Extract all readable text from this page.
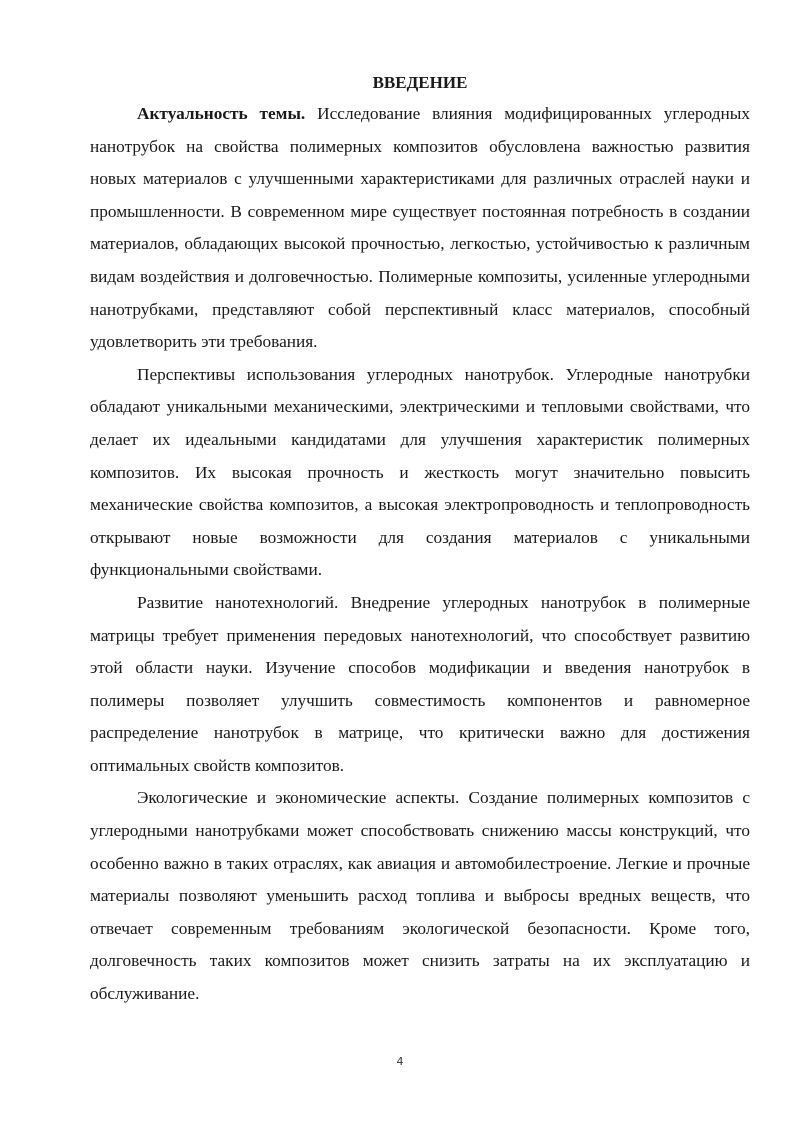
ВВЕДЕНИЕ

Актуальность темы. Исследование влияния модифицированных углеродных нанотрубок на свойства полимерных композитов обусловлена важностью развития новых материалов с улучшенными характеристиками для различных отраслей науки и промышленности. В современном мире существует постоянная потребность в создании материалов, обладающих высокой прочностью, легкостью, устойчивостью к различным видам воздействия и долговечностью. Полимерные композиты, усиленные углеродными нанотрубками, представляют собой перспективный класс материалов, способный удовлетворить эти требования.

Перспективы использования углеродных нанотрубок. Углеродные нанотрубки обладают уникальными механическими, электрическими и тепловыми свойствами, что делает их идеальными кандидатами для улучшения характеристик полимерных композитов. Их высокая прочность и жесткость могут значительно повысить механические свойства композитов, а высокая электропроводность и теплопроводность открывают новые возможности для создания материалов с уникальными функциональными свойствами.

Развитие нанотехнологий. Внедрение углеродных нанотрубок в полимерные матрицы требует применения передовых нанотехнологий, что способствует развитию этой области науки. Изучение способов модификации и введения нанотрубок в полимеры позволяет улучшить совместимость компонентов и равномерное распределение нанотрубок в матрице, что критически важно для достижения оптимальных свойств композитов.

Экологические и экономические аспекты. Создание полимерных композитов с углеродными нанотрубками может способствовать снижению массы конструкций, что особенно важно в таких отраслях, как авиация и автомобилестроение. Легкие и прочные материалы позволяют уменьшить расход топлива и выбросы вредных веществ, что отвечает современным требованиям экологической безопасности. Кроме того, долговечность таких композитов может снизить затраты на их эксплуатацию и обслуживание.

4
